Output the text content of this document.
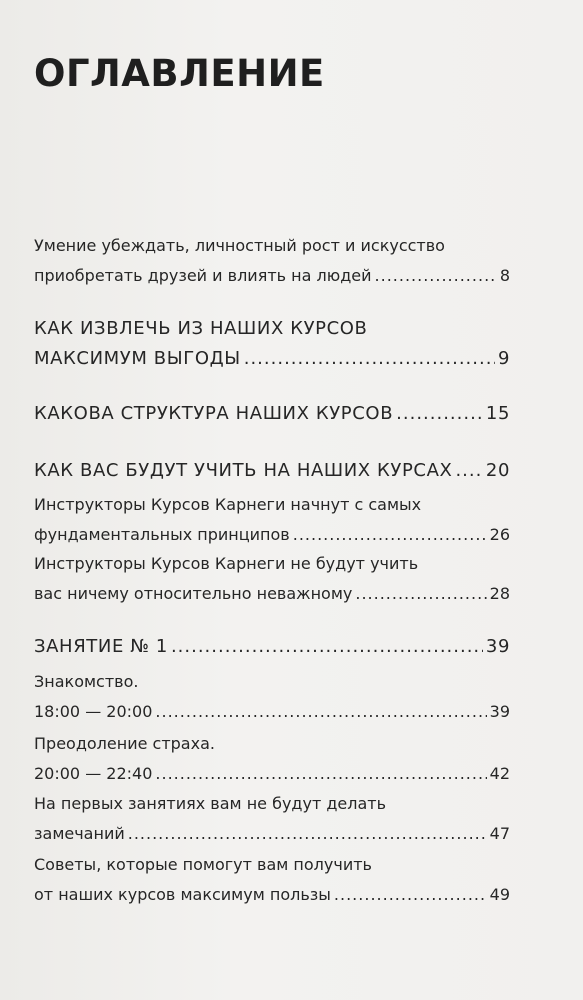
ОГЛАВЛЕНИЕ
Умение убеждать, личностный рост и искусство
приобретать друзей и влиять на людей .....	8
КАК ИЗВЛЕЧЬ ИЗ НАШИХ КУРСОВ
МАКСИМУМ ВЫГОДЫ .....	9
КАКОВА СТРУКТУРА НАШИХ КУРСОВ .....	15
КАК ВАС БУДУТ УЧИТЬ НА НАШИХ КУРСАХ ..... 20
Инструкторы Курсов Карнеги начнут с самых
фундаментальных принципов .....	26
Инструкторы Курсов Карнеги не будут учить
вас ничему относительно неважному .....	28
ЗАНЯТИЕ № 1 .....	39
Знакомство.
18:00 — 20:00 .....	39
Преодоление страха.
20:00 — 22:40 .....	42
На первых занятиях вам не будут делать
замечаний .....	47
Советы, которые помогут вам получить
от наших курсов максимум пользы .....	49
